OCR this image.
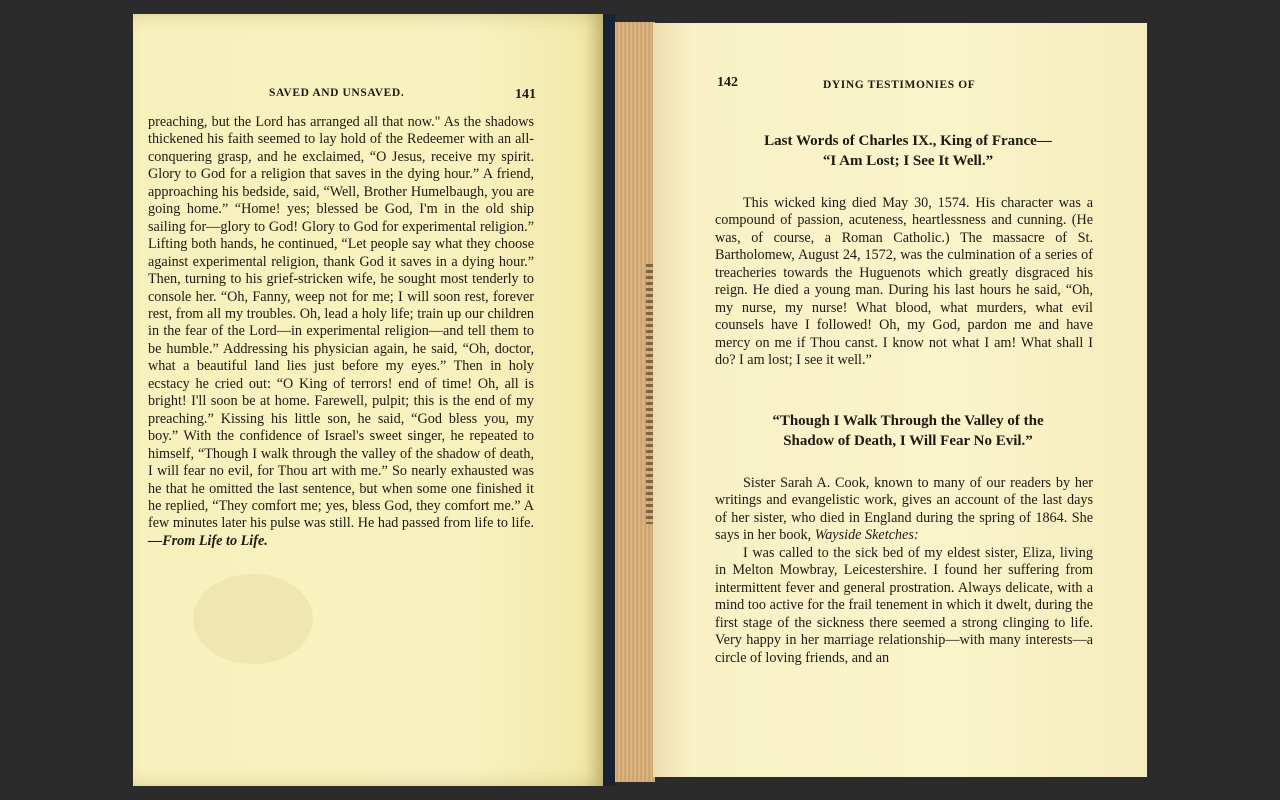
SAVED AND UNSAVED.	141

preaching, but the Lord has arranged all that now." As the shadows thickened his faith seemed to lay hold of the Redeemer with an all-conquering grasp, and he exclaimed, “O Jesus, receive my spirit. Glory to God for a religion that saves in the dying hour.” A friend, approaching his bedside, said, “Well, Brother Humelbaugh, you are going home.” “Home! yes; blessed be God, I'm in the old ship sailing for—glory to God! Glory to God for experimental religion.” Lifting both hands, he continued, “Let people say what they choose against experimental religion, thank God it saves in a dying hour.” Then, turning to his grief-stricken wife, he sought most tenderly to console her. “Oh, Fanny, weep not for me; I will soon rest, forever rest, from all my troubles. Oh, lead a holy life; train up our children in the fear of the Lord—in experimental religion—and tell them to be humble.” Addressing his physician again, he said, “Oh, doctor, what a beautiful land lies just before my eyes.” Then in holy ecstacy he cried out: “O King of terrors! end of time! Oh, all is bright! I'll soon be at home. Farewell, pulpit; this is the end of my preaching.” Kissing his little son, he said, “God bless you, my boy.” With the confidence of Israel's sweet singer, he repeated to himself, “Though I walk through the valley of the shadow of death, I will fear no evil, for Thou art with me.” So nearly exhausted was he that he omitted the last sentence, but when some one finished it he replied, “They comfort me; yes, bless God, they comfort me.” A few minutes later his pulse was still. He had passed from life to life. —From Life to Life.

142	DYING TESTIMONIES OF
Last Words of Charles IX., King of France—
“I Am Lost; I See It Well.”

This wicked king died May 30, 1574. His character was a compound of passion, acuteness, heartlessness and cunning. (He was, of course, a Roman Catholic.) The massacre of St. Bartholomew, August 24, 1572, was the culmination of a series of treacheries towards the Huguenots which greatly disgraced his reign. He died a young man. During his last hours he said, “Oh, my nurse, my nurse! What blood, what murders, what evil counsels have I followed! Oh, my God, pardon me and have mercy on me if Thou canst. I know not what I am! What shall I do? I am lost; I see it well.”

“Though I Walk Through the Valley of the
Shadow of Death, I Will Fear No Evil.”

Sister Sarah A. Cook, known to many of our readers by her writings and evangelistic work, gives an account of the last days of her sister, who died in England during the spring of 1864. She says in her book, Wayside Sketches:

I was called to the sick bed of my eldest sister, Eliza, living in Melton Mowbray, Leicestershire. I found her suffering from intermittent fever and general prostration. Always delicate, with a mind too active for the frail tenement in which it dwelt, during the first stage of the sickness there seemed a strong clinging to life. Very happy in her marriage relationship—with many interests—a circle of loving friends, and an
